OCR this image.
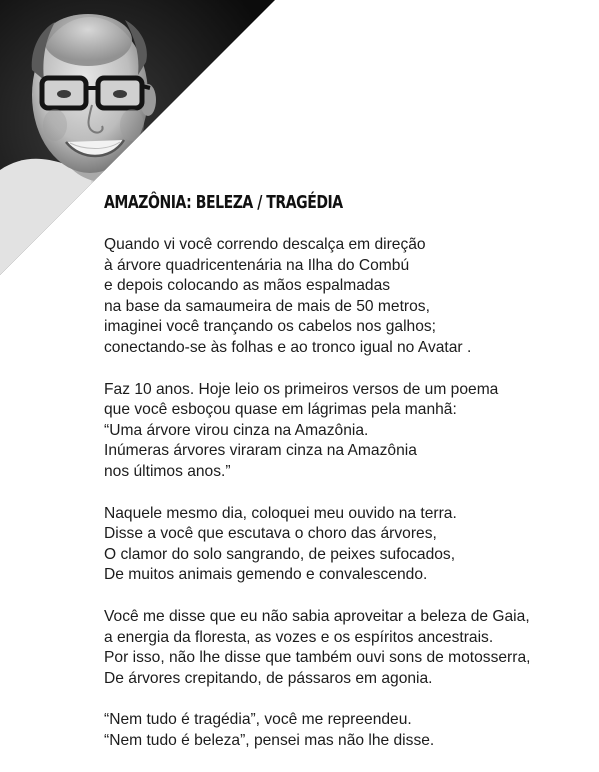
AMAZÔNIA: BELEZA / TRAGÉDIA

Quando vi você correndo descalça em direção
à árvore quadricentenária na Ilha do Combú
e depois colocando as mãos espalmadas
na base da samaumeira de mais de 50 metros,
imaginei você trançando os cabelos nos galhos;
conectando-se às folhas e ao tronco igual no Avatar .

Faz 10 anos. Hoje leio os primeiros versos de um poema
que você esboçou quase em lágrimas pela manhã:
“Uma árvore virou cinza na Amazônia.
Inúmeras árvores viraram cinza na Amazônia
nos últimos anos.”

Naquele mesmo dia, coloquei meu ouvido na terra.
Disse a você que escutava o choro das árvores,
O clamor do solo sangrando, de peixes sufocados,
De muitos animais gemendo e convalescendo.

Você me disse que eu não sabia aproveitar a beleza de Gaia,
a energia da floresta, as vozes e os espíritos ancestrais.
Por isso, não lhe disse que também ouvi sons de motosserra,
De árvores crepitando, de pássaros em agonia.

“Nem tudo é tragédia”, você me repreendeu.
“Nem tudo é beleza”, pensei mas não lhe disse.
